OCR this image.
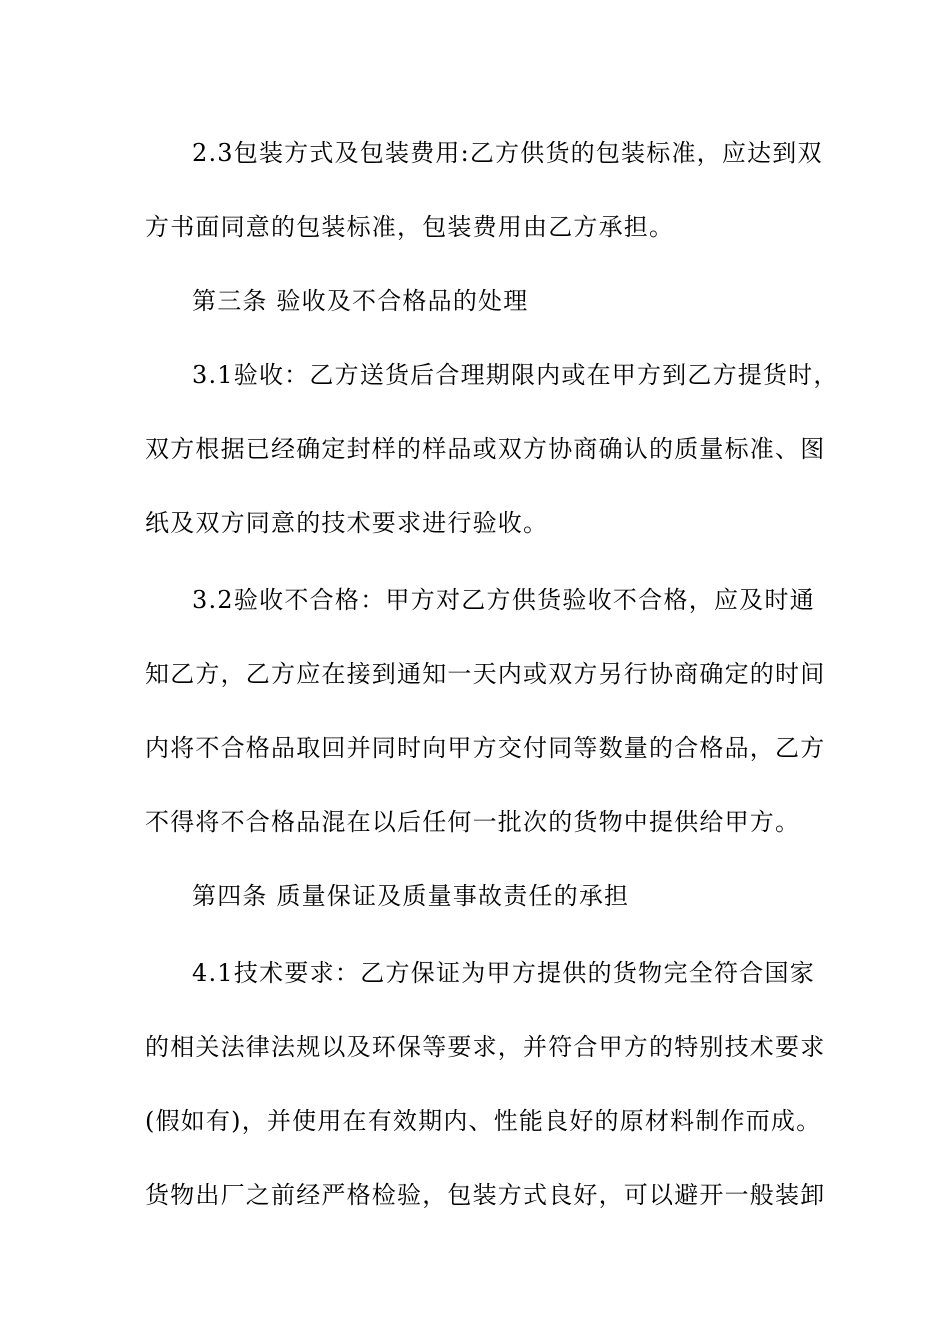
2.3包装方式及包装费用:乙方供货的包装标准，应达到双
方书面同意的包装标准，包装费用由乙方承担。
第三条 验收及不合格品的处理
3.1验收：乙方送货后合理期限内或在甲方到乙方提货时，
双方根据已经确定封样的样品或双方协商确认的质量标准、图
纸及双方同意的技术要求进行验收。
3.2验收不合格：甲方对乙方供货验收不合格，应及时通
知乙方，乙方应在接到通知一天内或双方另行协商确定的时间
内将不合格品取回并同时向甲方交付同等数量的合格品，乙方
不得将不合格品混在以后任何一批次的货物中提供给甲方。
第四条 质量保证及质量事故责任的承担
4.1技术要求：乙方保证为甲方提供的货物完全符合国家
的相关法律法规以及环保等要求，并符合甲方的特别技术要求
(假如有)，并使用在有效期内、性能良好的原材料制作而成。
货物出厂之前经严格检验，包装方式良好，可以避开一般装卸
